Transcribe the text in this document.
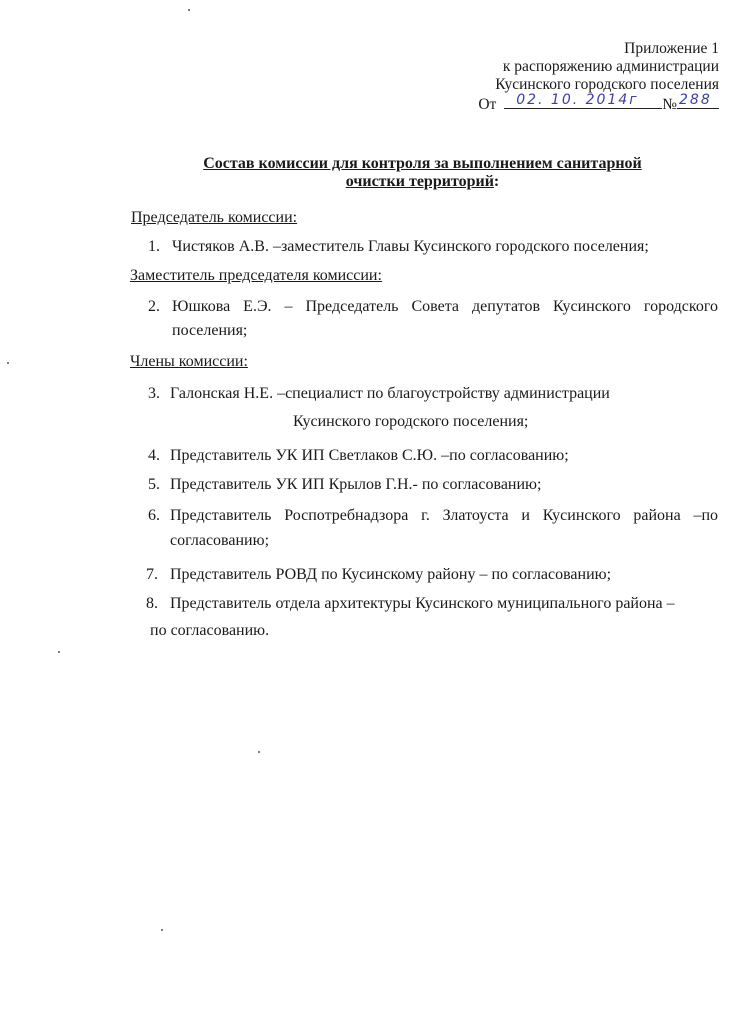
Приложение 1
к распоряжению администрации
Кусинского городского поселения
От 02. 10. 2014г № 288
Состав комиссии для контроля за выполнением санитарной
очистки территорий:
Председатель комиссии:
1. Чистяков А.В. –заместитель Главы Кусинского городского поселения;
Заместитель председателя комиссии:
2. Юшкова Е.Э. – Председатель Совета депутатов Кусинского городского
поселения;
Члены комиссии:
3. Галонская Н.Е. –специалист по благоустройству администрации
Кусинского городского поселения;
4. Представитель УК ИП Светлаков С.Ю. –по согласованию;
5. Представитель УК ИП Крылов Г.Н.- по согласованию;
6. Представитель Роспотребнадзора г. Златоуста и Кусинского района –по
согласованию;
7. Представитель РОВД по Кусинскому району – по согласованию;
8. Представитель отдела архитектуры Кусинского муниципального района –
по согласованию.
